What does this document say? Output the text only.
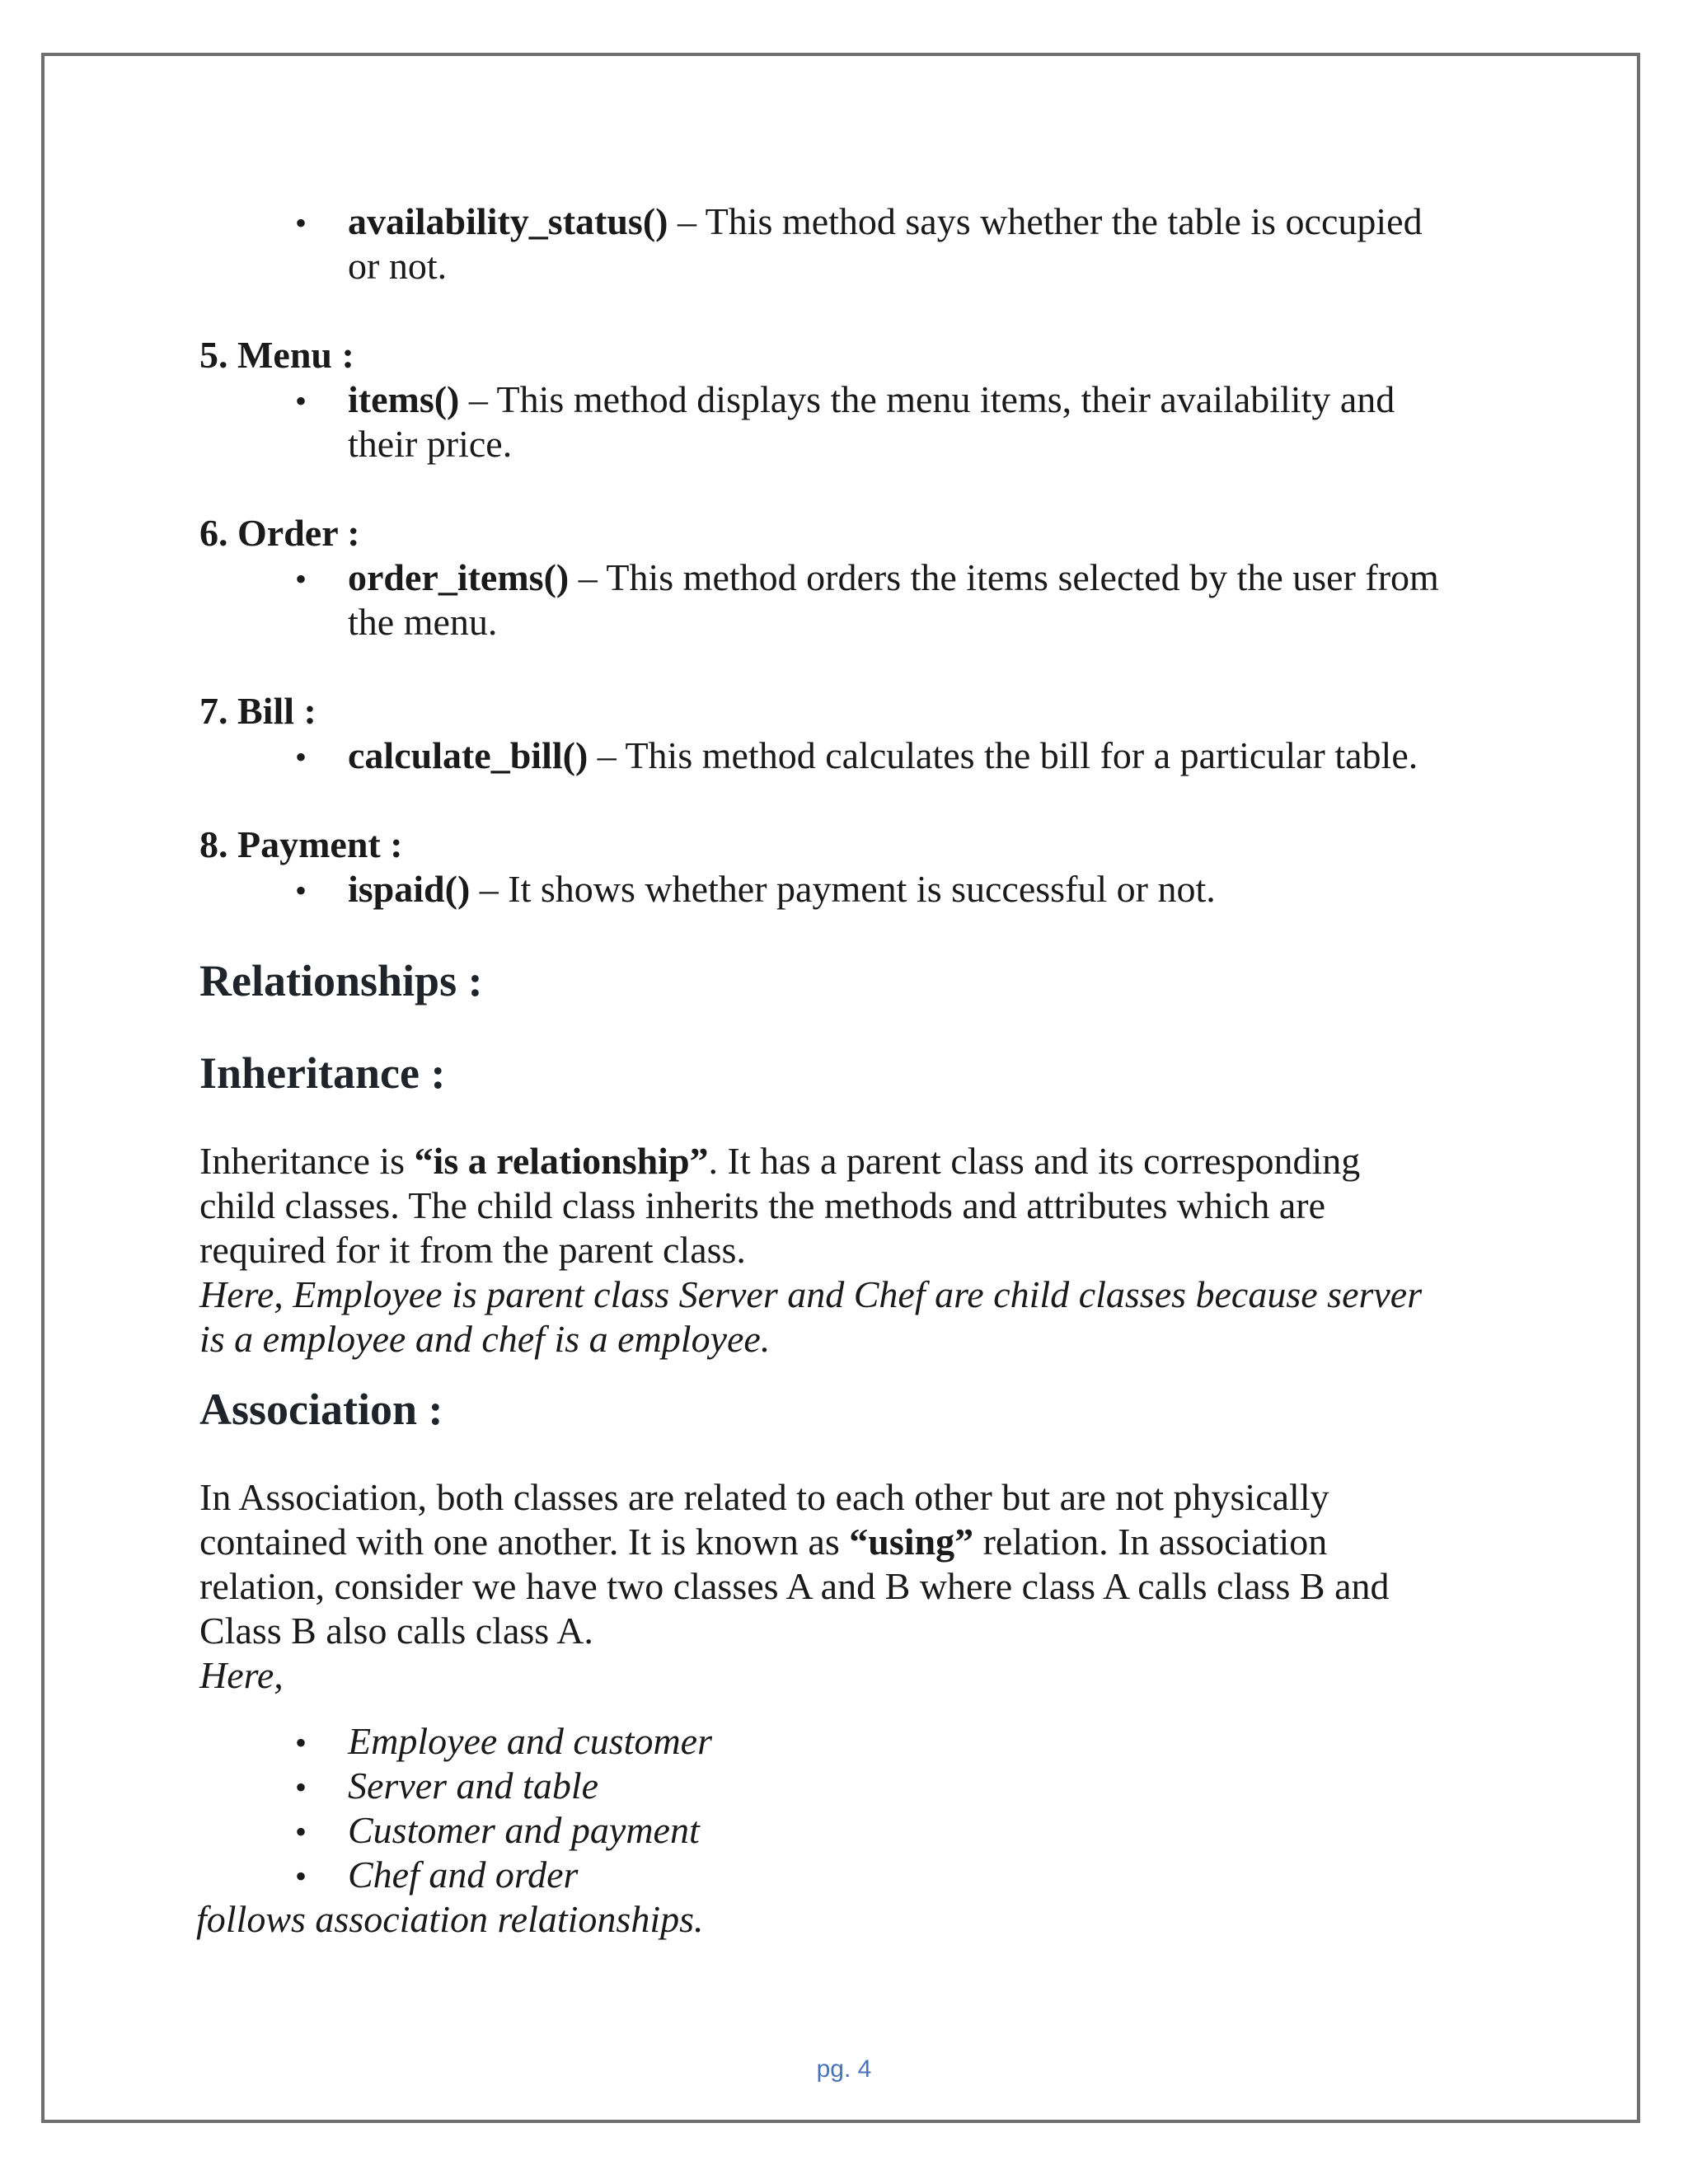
• availability_status() – This method says whether the table is occupied
or not.
5. Menu :
• items() – This method displays the menu items, their availability and
their price.
6. Order :
• order_items() – This method orders the items selected by the user from
the menu.
7. Bill :
• calculate_bill() – This method calculates the bill for a particular table.
8. Payment :
• ispaid() – It shows whether payment is successful or not.
Relationships :
Inheritance :
Inheritance is “is a relationship”. It has a parent class and its corresponding
child classes. The child class inherits the methods and attributes which are
required for it from the parent class.
Here, Employee is parent class Server and Chef are child classes because server
is a employee and chef is a employee.
Association :
In Association, both classes are related to each other but are not physically
contained with one another. It is known as “using” relation. In association
relation, consider we have two classes A and B where class A calls class B and
Class B also calls class A.
Here,
• Employee and customer
• Server and table
• Customer and payment
• Chef and order
follows association relationships.
pg. 4
